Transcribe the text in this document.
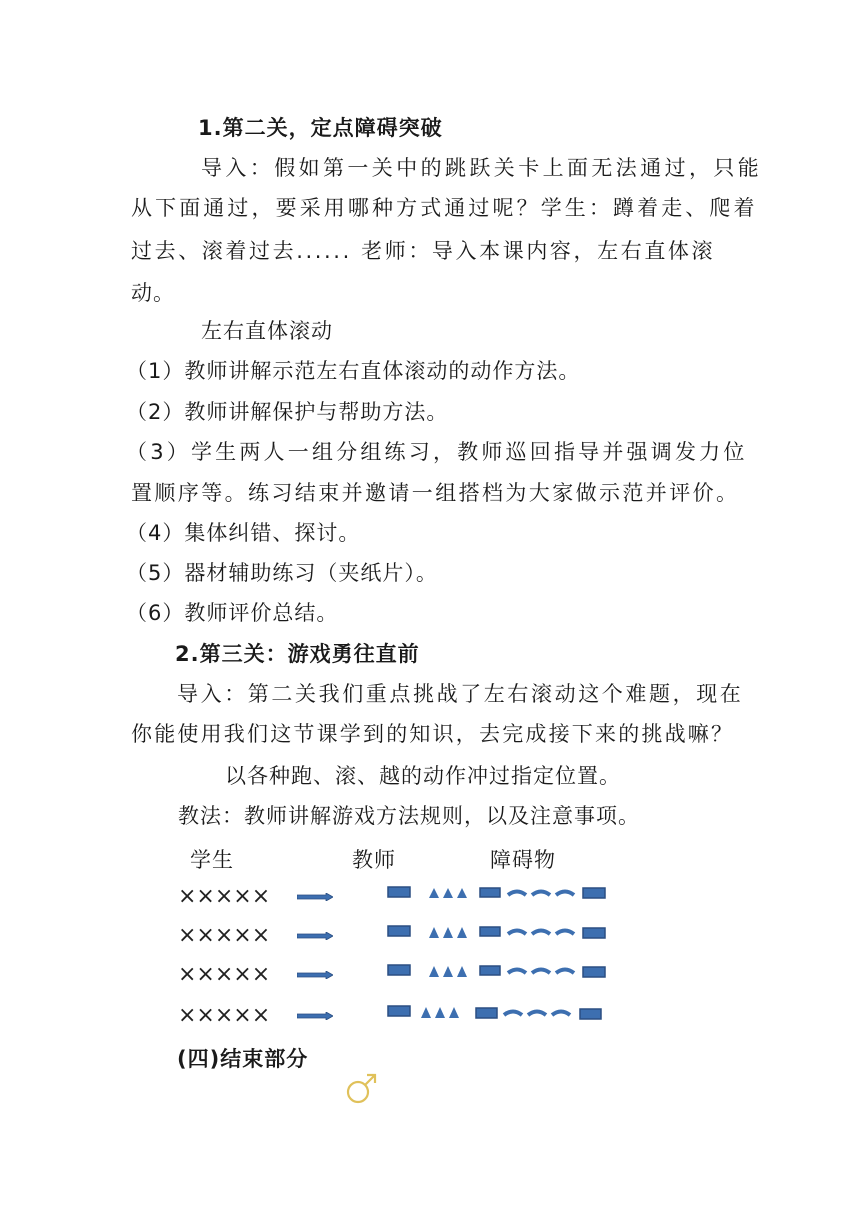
1.第二关，定点障碍突破
导入：假如第一关中的跳跃关卡上面无法通过，只能
从下面通过，要采用哪种方式通过呢？学生：蹲着走、爬着
过去、滚着过去...... 老师：导入本课内容，左右直体滚
动。
左右直体滚动
（1）教师讲解示范左右直体滚动的动作方法。
（2）教师讲解保护与帮助方法。
（3）学生两人一组分组练习，教师巡回指导并强调发力位
置顺序等。练习结束并邀请一组搭档为大家做示范并评价。
（4）集体纠错、探讨。
（5）器材辅助练习（夹纸片）。
（6）教师评价总结。
2.第三关：游戏勇往直前
导入：第二关我们重点挑战了左右滚动这个难题，现在
你能使用我们这节课学到的知识，去完成接下来的挑战嘛？
以各种跑、滚、越的动作冲过指定位置。
教法：教师讲解游戏方法规则，以及注意事项。
学生	教师	障碍物
×××××
×××××
×××××
×××××
(四)结束部分
